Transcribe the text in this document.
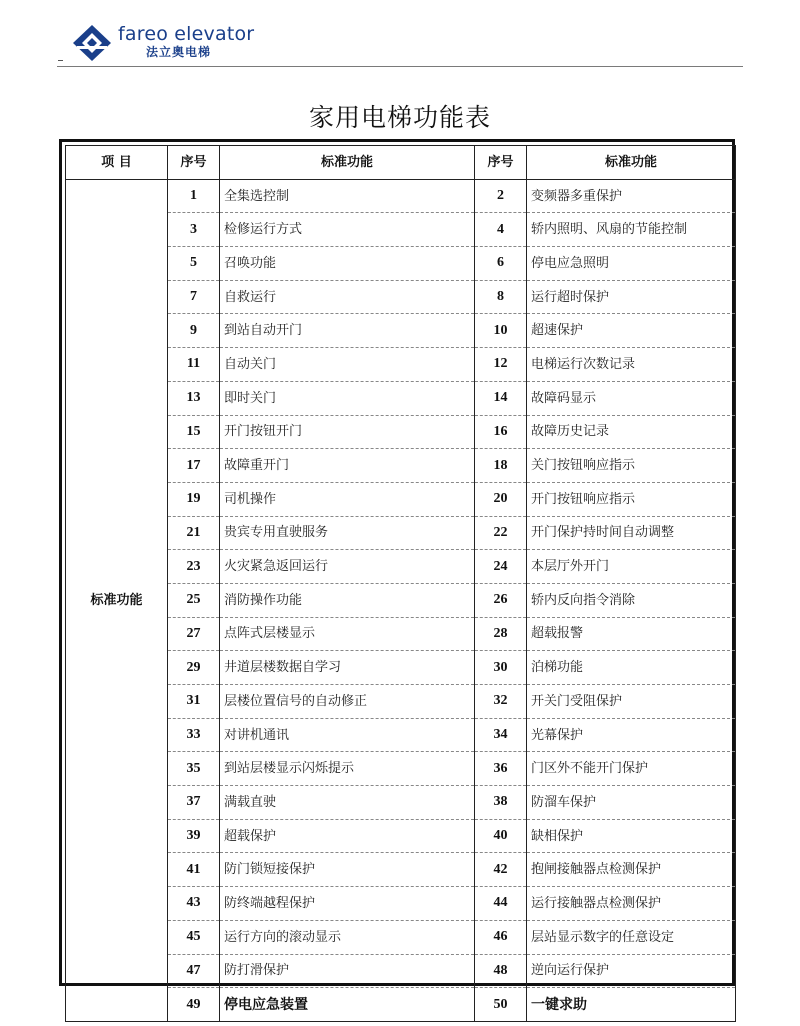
fareo elevator
法立奥电梯
家用电梯功能表
项 目	序号	标准功能	序号	标准功能
标准功能	1	全集选控制	2	变频器多重保护
	3	检修运行方式	4	轿内照明、风扇的节能控制
	5	召唤功能	6	停电应急照明
	7	自救运行	8	运行超时保护
	9	到站自动开门	10	超速保护
	11	自动关门	12	电梯运行次数记录
	13	即时关门	14	故障码显示
	15	开门按钮开门	16	故障历史记录
	17	故障重开门	18	关门按钮响应指示
	19	司机操作	20	开门按钮响应指示
	21	贵宾专用直驶服务	22	开门保护持时间自动调整
	23	火灾紧急返回运行	24	本层厅外开门
	25	消防操作功能	26	轿内反向指令消除
	27	点阵式层楼显示	28	超载报警
	29	井道层楼数据自学习	30	泊梯功能
	31	层楼位置信号的自动修正	32	开关门受阻保护
	33	对讲机通讯	34	光幕保护
	35	到站层楼显示闪烁提示	36	门区外不能开门保护
	37	满载直驶	38	防溜车保护
	39	超载保护	40	缺相保护
	41	防门锁短接保护	42	抱闸接触器点检测保护
	43	防终端越程保护	44	运行接触器点检测保护
	45	运行方向的滚动显示	46	层站显示数字的任意设定
	47	防打滑保护	48	逆向运行保护
	49	停电应急装置	50	一键求助
